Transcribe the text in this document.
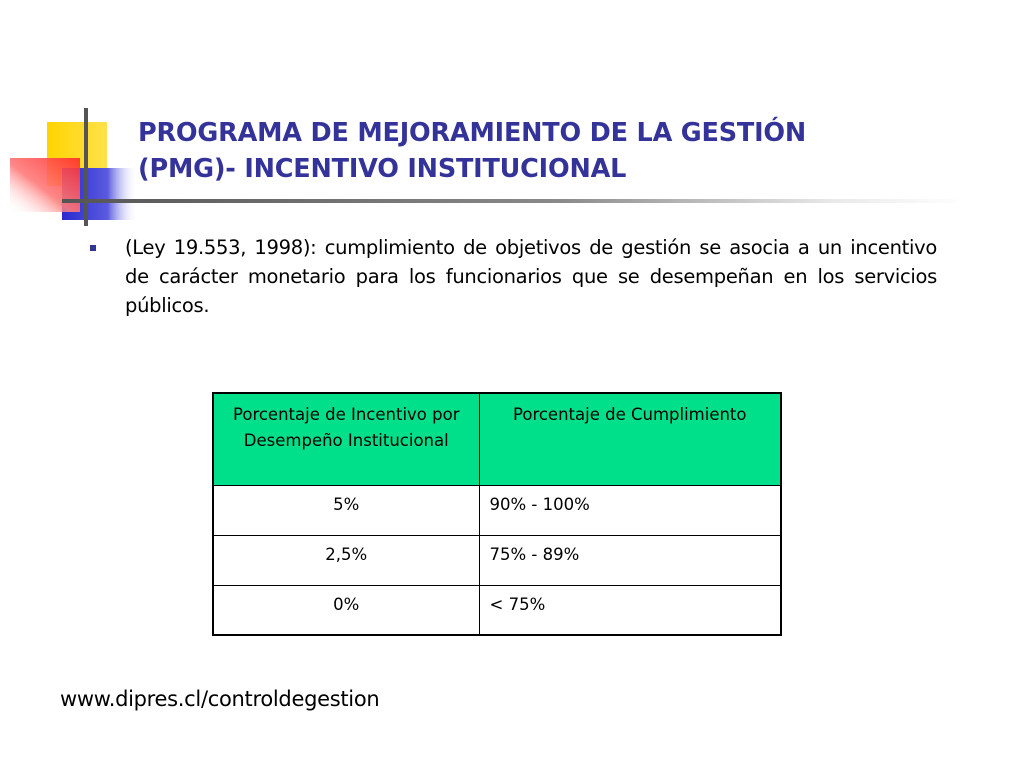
PROGRAMA DE MEJORAMIENTO DE LA GESTIÓN
(PMG)- INCENTIVO INSTITUCIONAL

(Ley 19.553, 1998): cumplimiento de objetivos de gestión se asocia a un incentivo de carácter monetario para los funcionarios que se desempeñan en los servicios públicos.

Porcentaje de Incentivo por Desempeño Institucional	Porcentaje de Cumplimiento

5%	90% - 100%
2,5%	75% - 89%
0%	< 75%

www.dipres.cl/controldegestion
